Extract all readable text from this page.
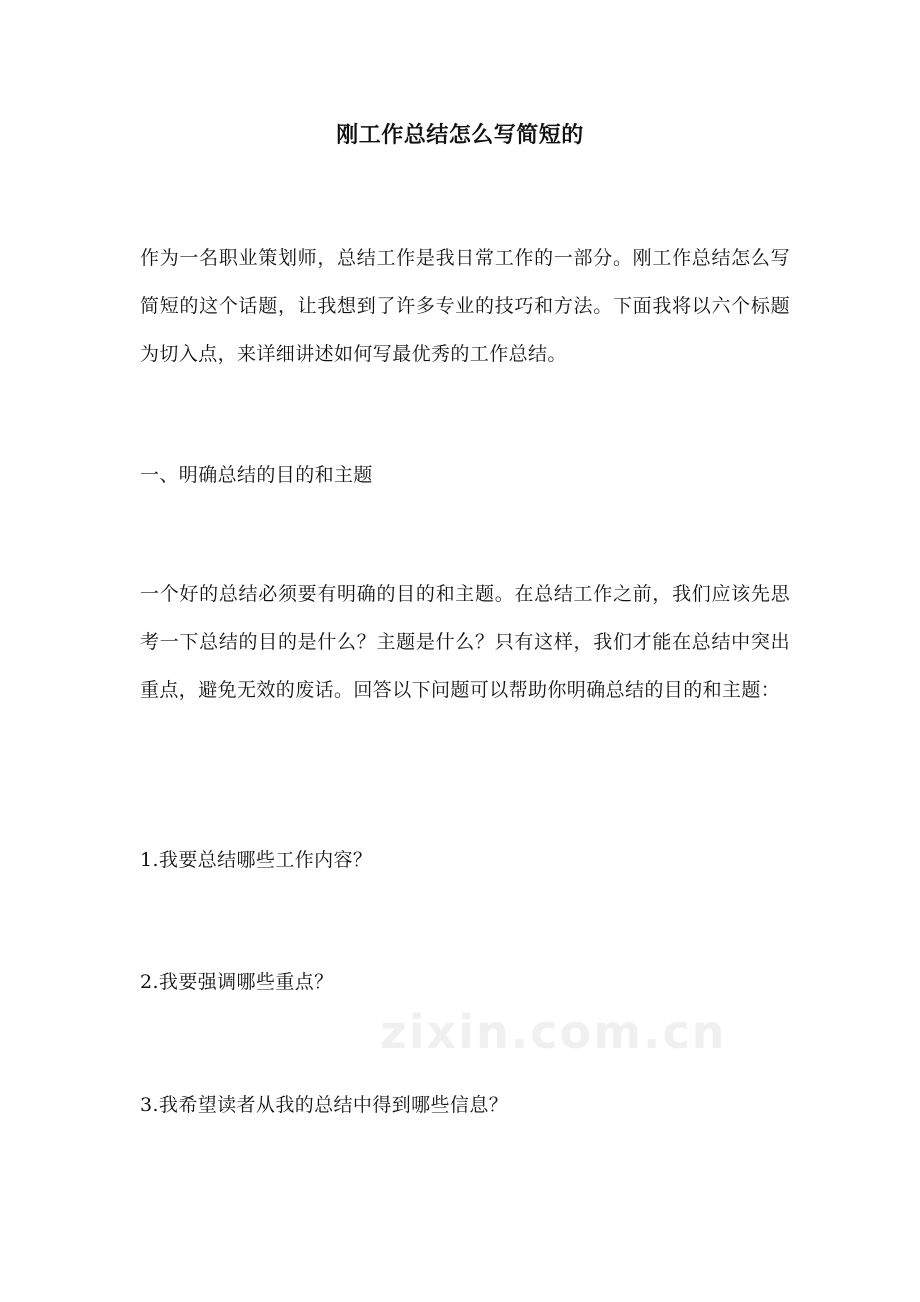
刚工作总结怎么写简短的

作为一名职业策划师，总结工作是我日常工作的一部分。刚工作总结怎么写简短的这个话题，让我想到了许多专业的技巧和方法。下面我将以六个标题为切入点，来详细讲述如何写最优秀的工作总结。

一、明确总结的目的和主题

一个好的总结必须要有明确的目的和主题。在总结工作之前，我们应该先思考一下总结的目的是什么？主题是什么？只有这样，我们才能在总结中突出重点，避免无效的废话。回答以下问题可以帮助你明确总结的目的和主题：

1.我要总结哪些工作内容？

2.我要强调哪些重点？

3.我希望读者从我的总结中得到哪些信息？

zixin.com.cn
